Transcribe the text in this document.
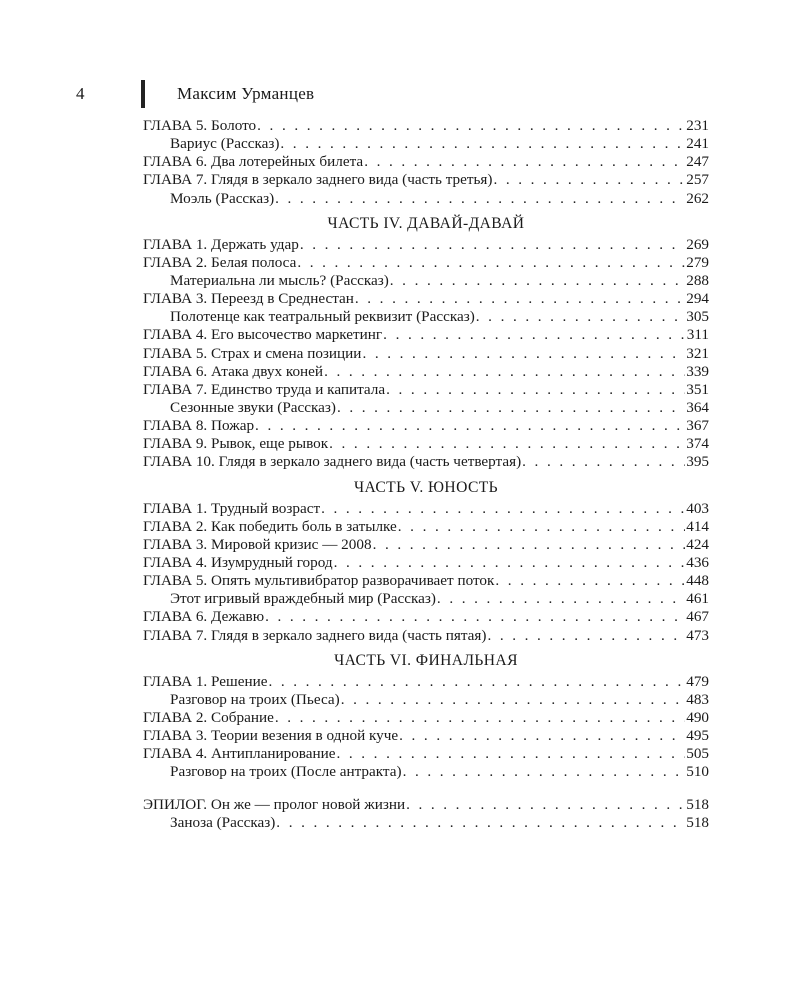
4	Максим Урманцев
ГЛАВА 5. Болото . . .	231
Вариус (Рассказ) . . .	241
ГЛАВА 6. Два лотерейных билета . . .	247
ГЛАВА 7. Глядя в зеркало заднего вида (часть третья) . . .	257
Моэль (Рассказ) . . .	262
ЧАСТЬ IV. ДАВАЙ-ДАВАЙ
ГЛАВА 1. Держать удар . . .	269
ГЛАВА 2. Белая полоса . . .	279
Материальна ли мысль? (Рассказ) . . .	288
ГЛАВА 3. Переезд в Среднестан . . .	294
Полотенце как театральный реквизит (Рассказ) . . .	305
ГЛАВА 4. Его высочество маркетинг . . .	311
ГЛАВА 5. Страх и смена позиции . . .	321
ГЛАВА 6. Атака двух коней . . .	339
ГЛАВА 7. Единство труда и капитала . . .	351
Сезонные звуки (Рассказ) . . .	364
ГЛАВА 8. Пожар . . .	367
ГЛАВА 9. Рывок, еще рывок . . .	374
ГЛАВА 10. Глядя в зеркало заднего вида (часть четвертая) . . .	395
ЧАСТЬ V. ЮНОСТЬ
ГЛАВА 1. Трудный возраст . . .	403
ГЛАВА 2. Как победить боль в затылке . . .	414
ГЛАВА 3. Мировой кризис — 2008 . . .	424
ГЛАВА 4. Изумрудный город . . .	436
ГЛАВА 5. Опять мультивибратор разворачивает поток . . .	448
Этот игривый враждебный мир (Рассказ) . . .	461
ГЛАВА 6. Дежавю . . .	467
ГЛАВА 7. Глядя в зеркало заднего вида (часть пятая) . . .	473
ЧАСТЬ VI. ФИНАЛЬНАЯ
ГЛАВА 1. Решение . . .	479
Разговор на троих (Пьеса) . . .	483
ГЛАВА 2. Собрание . . .	490
ГЛАВА 3. Теории везения в одной куче . . .	495
ГЛАВА 4. Антипланирование . . .	505
Разговор на троих (После антракта) . . .	510
ЭПИЛОГ. Он же — пролог новой жизни . . .	518
Заноза (Рассказ) . . .	518
